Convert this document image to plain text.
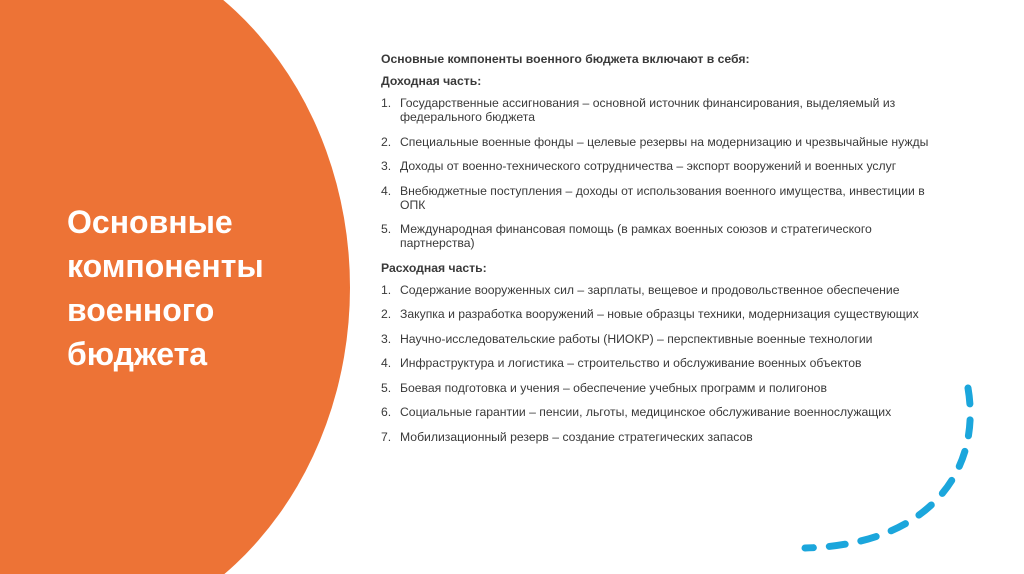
Основные компоненты военного бюджета

Основные компоненты военного бюджета включают в себя:

Доходная часть:

1. Государственные ассигнования – основной источник финансирования, выделяемый из федерального бюджета
2. Специальные военные фонды – целевые резервы на модернизацию и чрезвычайные нужды
3. Доходы от военно-технического сотрудничества – экспорт вооружений и военных услуг
4. Внебюджетные поступления – доходы от использования военного имущества, инвестиции в ОПК
5. Международная финансовая помощь (в рамках военных союзов и стратегического партнерства)

Расходная часть:

1. Содержание вооруженных сил – зарплаты, вещевое и продовольственное обеспечение
2. Закупка и разработка вооружений – новые образцы техники, модернизация существующих
3. Научно-исследовательские работы (НИОКР) – перспективные военные технологии
4. Инфраструктура и логистика – строительство и обслуживание военных объектов
5. Боевая подготовка и учения – обеспечение учебных программ и полигонов
6. Социальные гарантии – пенсии, льготы, медицинское обслуживание военнослужащих
7. Мобилизационный резерв – создание стратегических запасов
